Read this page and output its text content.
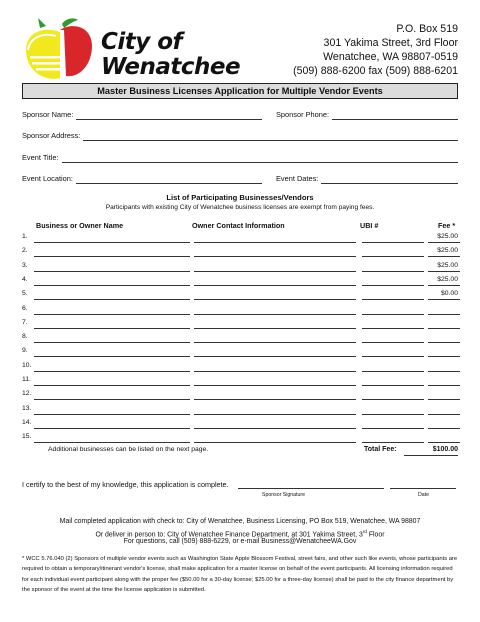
City of
Wenatchee
P.O. Box 519
301 Yakima Street, 3rd Floor
Wenatchee, WA 98807-0519
(509) 888-6200 fax (509) 888-6201
Master Business Licenses Application for Multiple Vendor Events
Sponsor Name:	Sponsor Phone:
Sponsor Address:
Event Title:
Event Location:	Event Dates:
List of Participating Businesses/Vendors
Participants with existing City of Wenatchee business licenses are exempt from paying fees.
Business or Owner Name	Owner Contact Information	UBI #	Fee *
1.	$25.00
2.	$25.00
3.	$25.00
4.	$25.00
5.	$0.00
6.
7.
8.
9.
10.
11.
12.
13.
14.
15.
Additional businesses can be listed on the next page.	Total Fee:	$100.00
I certify to the best of my knowledge, this application is complete.
Sponsor Signature	Date
Mail completed application with check to: City of Wenatchee, Business Licensing, PO Box 519, Wenatchee, WA 98807
Or deliver in person to: City of Wenatchee Finance Department, at 301 Yakima Street, 3rd Floor
For questions, call (509) 888-6229, or e-mail Business@WenatcheeWA.Gov
* WCC 5.76.040 (2) Sponsors of multiple vendor events such as Washington State Apple Blossom Festival, street fairs, and other such like events, whose participants are required to obtain a temporary/itinerant vendor's license, shall make application for a master license on behalf of the event participants. All licensing information required for each individual event participant along with the proper fee ($50.00 for a 30-day license; $25.00 for a three-day license) shall be paid to the city finance department by the sponsor of the event at the time the license application is submitted.
